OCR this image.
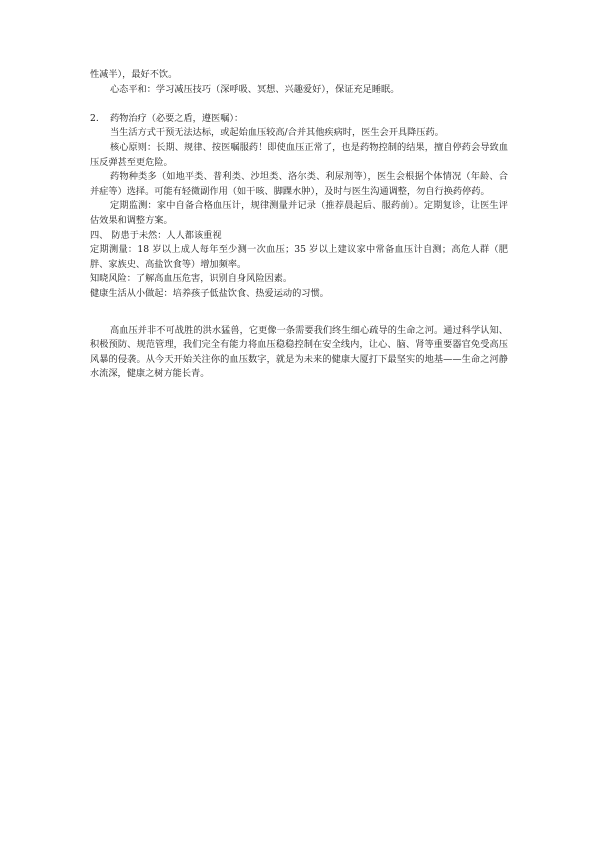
性减半），最好不饮。

心态平和：学习减压技巧（深呼吸、冥想、兴趣爱好），保证充足睡眠。

2. 药物治疗（必要之盾，遵医嘱）：

当生活方式干预无法达标，或起始血压较高/合并其他疾病时，医生会开具降压药。

核心原则：长期、规律、按医嘱服药！即使血压正常了，也是药物控制的结果，擅自停药会导致血压反弹甚至更危险。

药物种类多（如地平类、普利类、沙坦类、洛尔类、利尿剂等），医生会根据个体情况（年龄、合并症等）选择。可能有轻微副作用（如干咳、脚踝水肿），及时与医生沟通调整，勿自行换药停药。

定期监测：家中自备合格血压计，规律测量并记录（推荐晨起后、服药前）。定期复诊，让医生评估效果和调整方案。

四、 防患于未然：人人都该重视

定期测量：18 岁以上成人每年至少测一次血压；35 岁以上建议家中常备血压计自测；高危人群（肥胖、家族史、高盐饮食等）增加频率。

知晓风险：了解高血压危害，识别自身风险因素。

健康生活从小做起：培养孩子低盐饮食、热爱运动的习惯。

高血压并非不可战胜的洪水猛兽，它更像一条需要我们终生细心疏导的生命之河。通过科学认知、积极预防、规范管理，我们完全有能力将血压稳稳控制在安全线内，让心、脑、肾等重要器官免受高压风暴的侵袭。从今天开始关注你的血压数字，就是为未来的健康大厦打下最坚实的地基——生命之河静水流深，健康之树方能长青。
